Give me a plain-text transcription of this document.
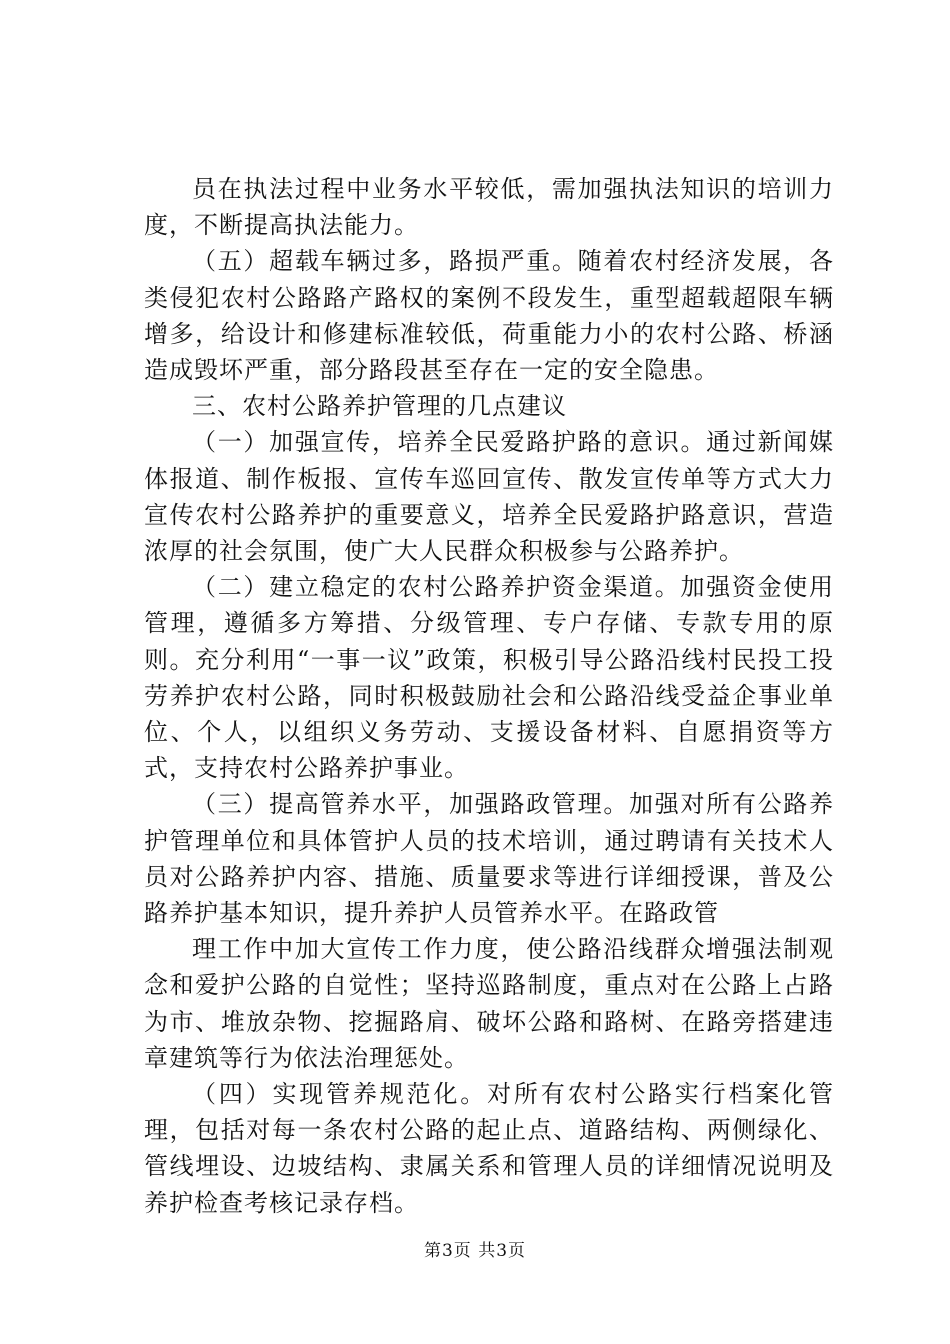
员在执法过程中业务水平较低，需加强执法知识的培训力度，不断提高执法能力。

（五）超载车辆过多，路损严重。随着农村经济发展，各类侵犯农村公路路产路权的案例不段发生，重型超载超限车辆增多，给设计和修建标准较低，荷重能力小的农村公路、桥涵造成毁坏严重，部分路段甚至存在一定的安全隐患。

三、农村公路养护管理的几点建议

（一）加强宣传，培养全民爱路护路的意识。通过新闻媒体报道、制作板报、宣传车巡回宣传、散发宣传单等方式大力宣传农村公路养护的重要意义，培养全民爱路护路意识，营造浓厚的社会氛围，使广大人民群众积极参与公路养护。

（二）建立稳定的农村公路养护资金渠道。加强资金使用管理，遵循多方筹措、分级管理、专户存储、专款专用的原则。充分利用“一事一议”政策，积极引导公路沿线村民投工投劳养护农村公路，同时积极鼓励社会和公路沿线受益企事业单位、个人，以组织义务劳动、支援设备材料、自愿捐资等方式，支持农村公路养护事业。

（三）提高管养水平，加强路政管理。加强对所有公路养护管理单位和具体管护人员的技术培训，通过聘请有关技术人员对公路养护内容、措施、质量要求等进行详细授课，普及公路养护基本知识，提升养护人员管养水平。在路政管

理工作中加大宣传工作力度，使公路沿线群众增强法制观念和爱护公路的自觉性；坚持巡路制度，重点对在公路上占路为市、堆放杂物、挖掘路肩、破坏公路和路树、在路旁搭建违章建筑等行为依法治理惩处。

（四）实现管养规范化。对所有农村公路实行档案化管理，包括对每一条农村公路的起止点、道路结构、两侧绿化、管线埋设、边坡结构、隶属关系和管理人员的详细情况说明及养护检查考核记录存档。

第3页 共3页
